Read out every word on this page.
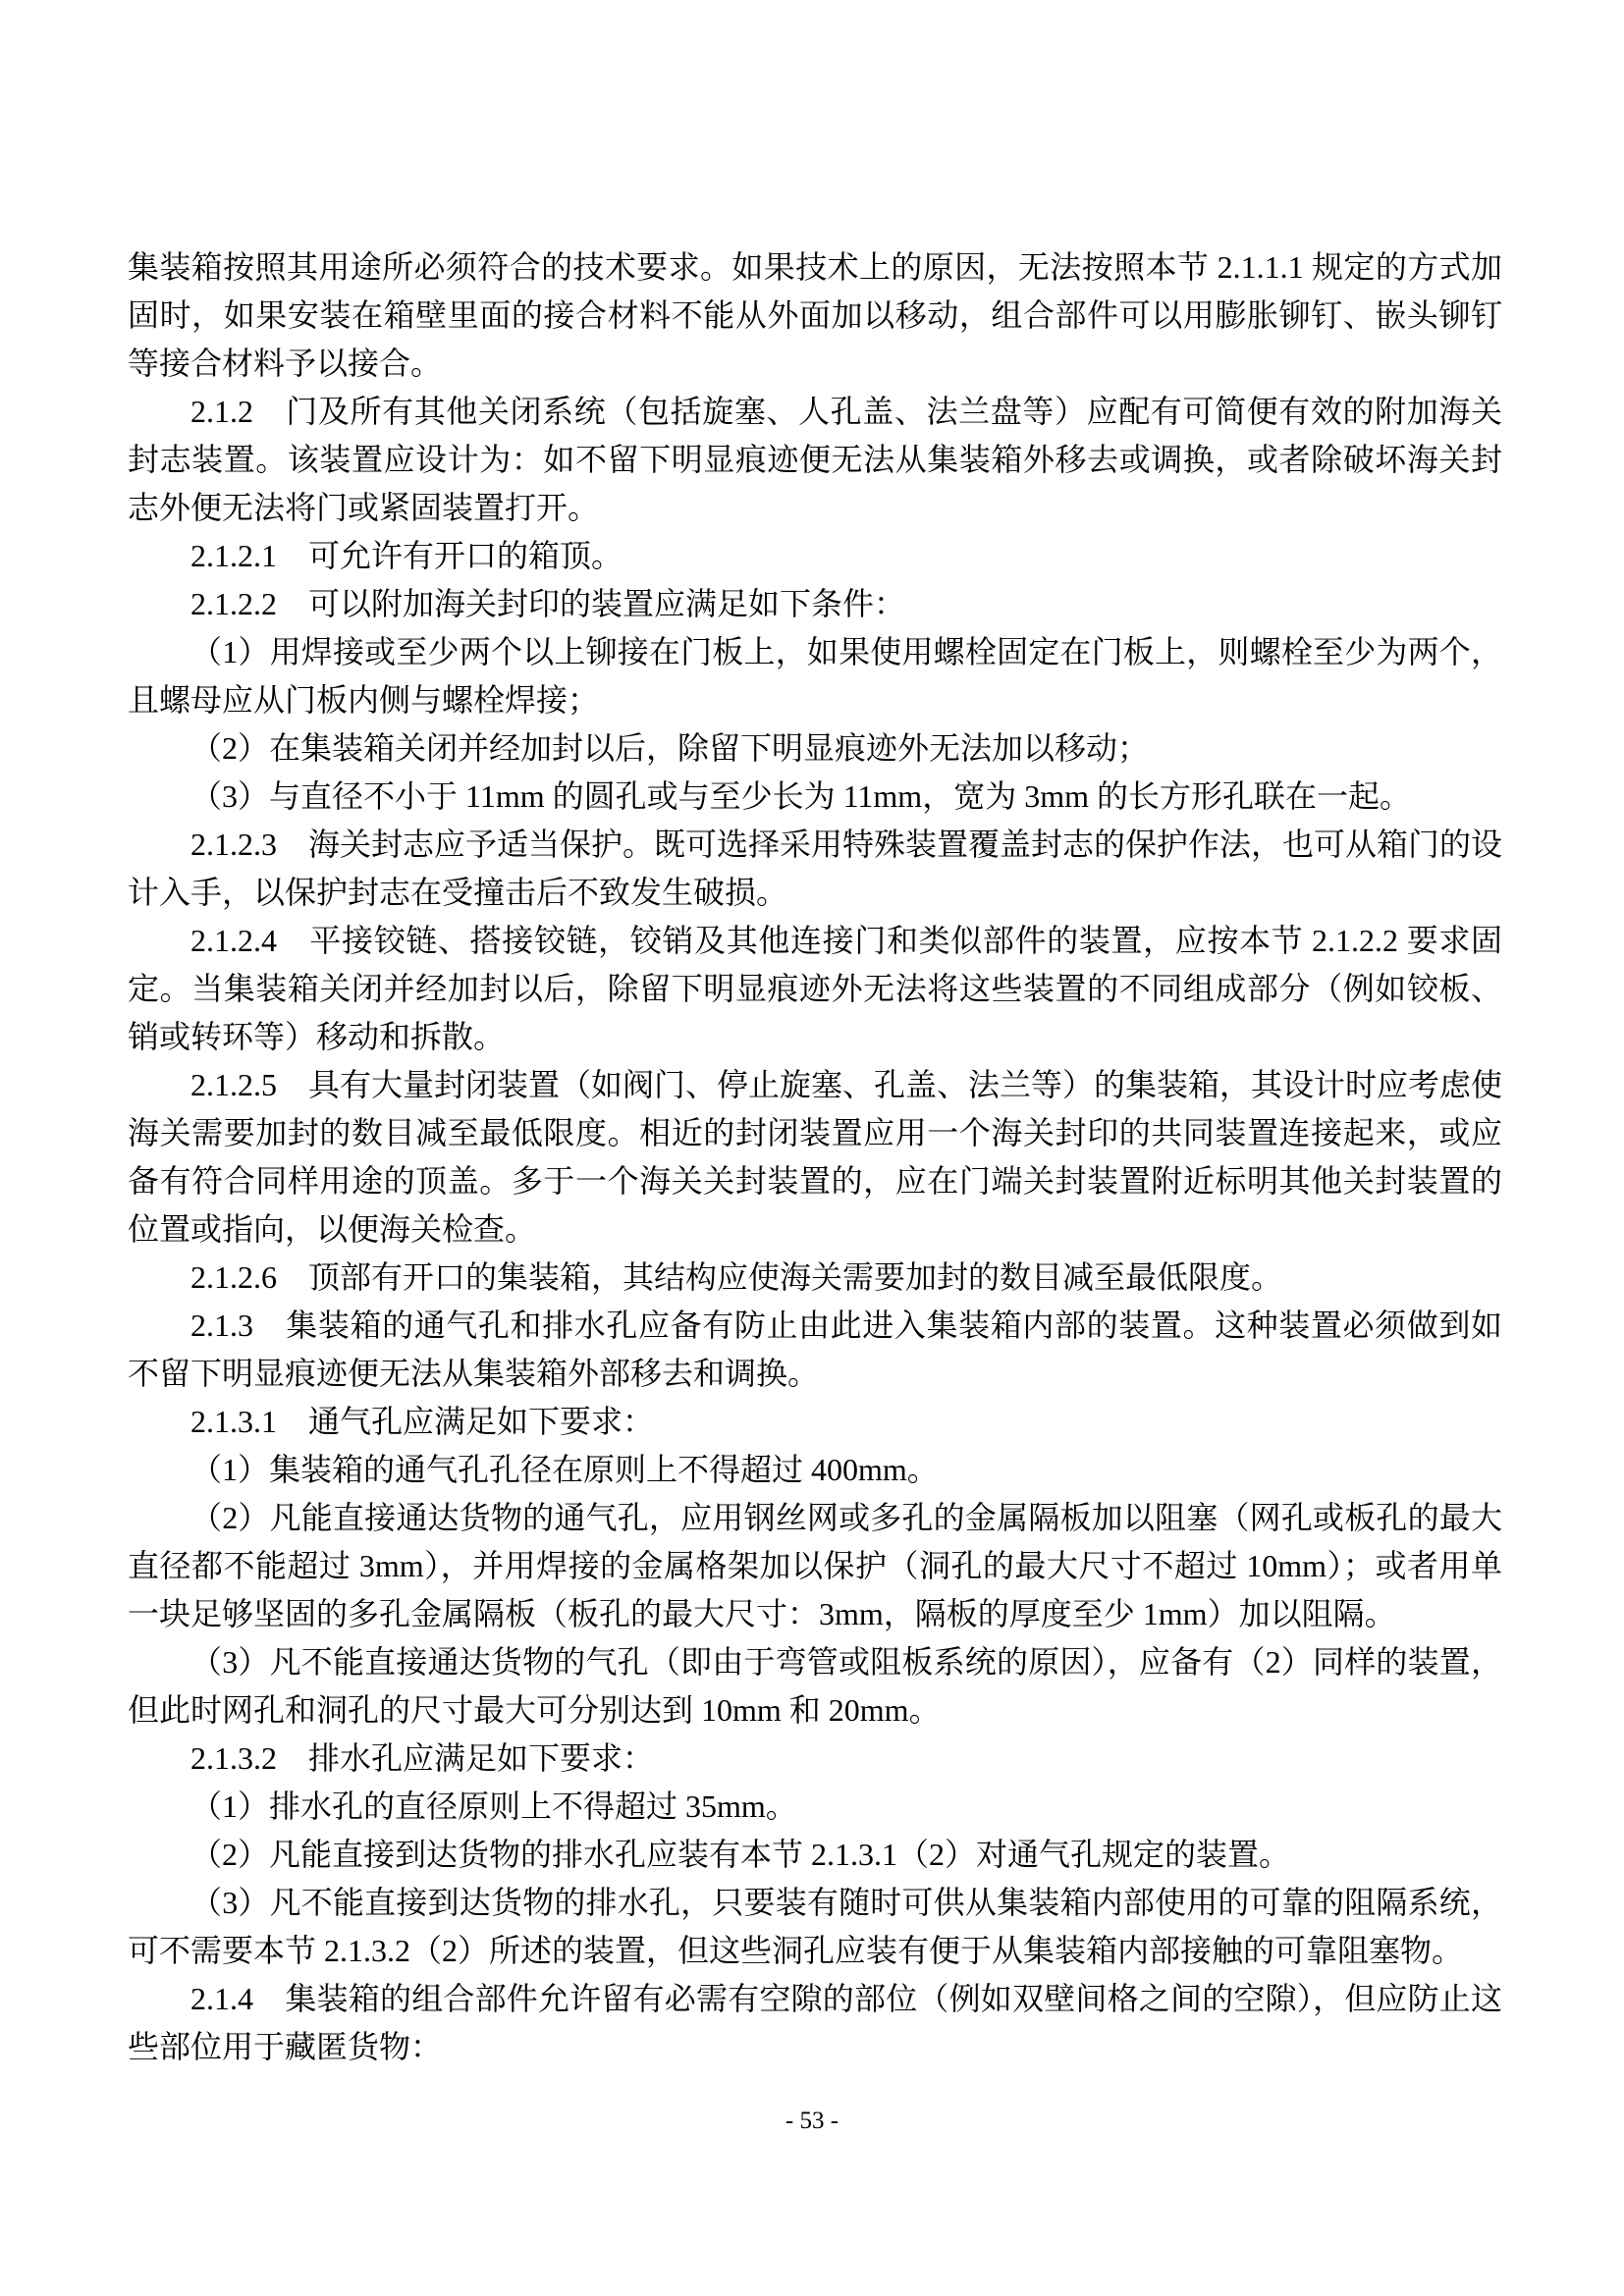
集装箱按照其用途所必须符合的技术要求。如果技术上的原因，无法按照本节 2.1.1.1 规定的方式加固时，如果安装在箱壁里面的接合材料不能从外面加以移动，组合部件可以用膨胀铆钉、嵌头铆钉等接合材料予以接合。

2.1.2　门及所有其他关闭系统（包括旋塞、人孔盖、法兰盘等）应配有可简便有效的附加海关封志装置。该装置应设计为：如不留下明显痕迹便无法从集装箱外移去或调换，或者除破坏海关封志外便无法将门或紧固装置打开。

2.1.2.1　可允许有开口的箱顶。

2.1.2.2　可以附加海关封印的装置应满足如下条件：

（1）用焊接或至少两个以上铆接在门板上，如果使用螺栓固定在门板上，则螺栓至少为两个，且螺母应从门板内侧与螺栓焊接；

（2）在集装箱关闭并经加封以后，除留下明显痕迹外无法加以移动；

（3）与直径不小于 11mm 的圆孔或与至少长为 11mm，宽为 3mm 的长方形孔联在一起。

2.1.2.3　海关封志应予适当保护。既可选择采用特殊装置覆盖封志的保护作法，也可从箱门的设计入手，以保护封志在受撞击后不致发生破损。

2.1.2.4　平接铰链、搭接铰链，铰销及其他连接门和类似部件的装置，应按本节 2.1.2.2 要求固定。当集装箱关闭并经加封以后，除留下明显痕迹外无法将这些装置的不同组成部分（例如铰板、销或转环等）移动和拆散。

2.1.2.5　具有大量封闭装置（如阀门、停止旋塞、孔盖、法兰等）的集装箱，其设计时应考虑使海关需要加封的数目减至最低限度。相近的封闭装置应用一个海关封印的共同装置连接起来，或应备有符合同样用途的顶盖。多于一个海关关封装置的，应在门端关封装置附近标明其他关封装置的位置或指向，以便海关检查。

2.1.2.6　顶部有开口的集装箱，其结构应使海关需要加封的数目减至最低限度。

2.1.3　集装箱的通气孔和排水孔应备有防止由此进入集装箱内部的装置。这种装置必须做到如不留下明显痕迹便无法从集装箱外部移去和调换。

2.1.3.1　通气孔应满足如下要求：

（1）集装箱的通气孔孔径在原则上不得超过 400mm。

（2）凡能直接通达货物的通气孔，应用钢丝网或多孔的金属隔板加以阻塞（网孔或板孔的最大直径都不能超过 3mm），并用焊接的金属格架加以保护（洞孔的最大尺寸不超过 10mm）；或者用单一块足够坚固的多孔金属隔板（板孔的最大尺寸：3mm，隔板的厚度至少 1mm）加以阻隔。

（3）凡不能直接通达货物的气孔（即由于弯管或阻板系统的原因），应备有（2）同样的装置，但此时网孔和洞孔的尺寸最大可分别达到 10mm 和 20mm。

2.1.3.2　排水孔应满足如下要求：

（1）排水孔的直径原则上不得超过 35mm。

（2）凡能直接到达货物的排水孔应装有本节 2.1.3.1（2）对通气孔规定的装置。

（3）凡不能直接到达货物的排水孔，只要装有随时可供从集装箱内部使用的可靠的阻隔系统，可不需要本节 2.1.3.2（2）所述的装置，但这些洞孔应装有便于从集装箱内部接触的可靠阻塞物。

2.1.4　集装箱的组合部件允许留有必需有空隙的部位（例如双壁间格之间的空隙），但应防止这些部位用于藏匿货物：

- 53 -
